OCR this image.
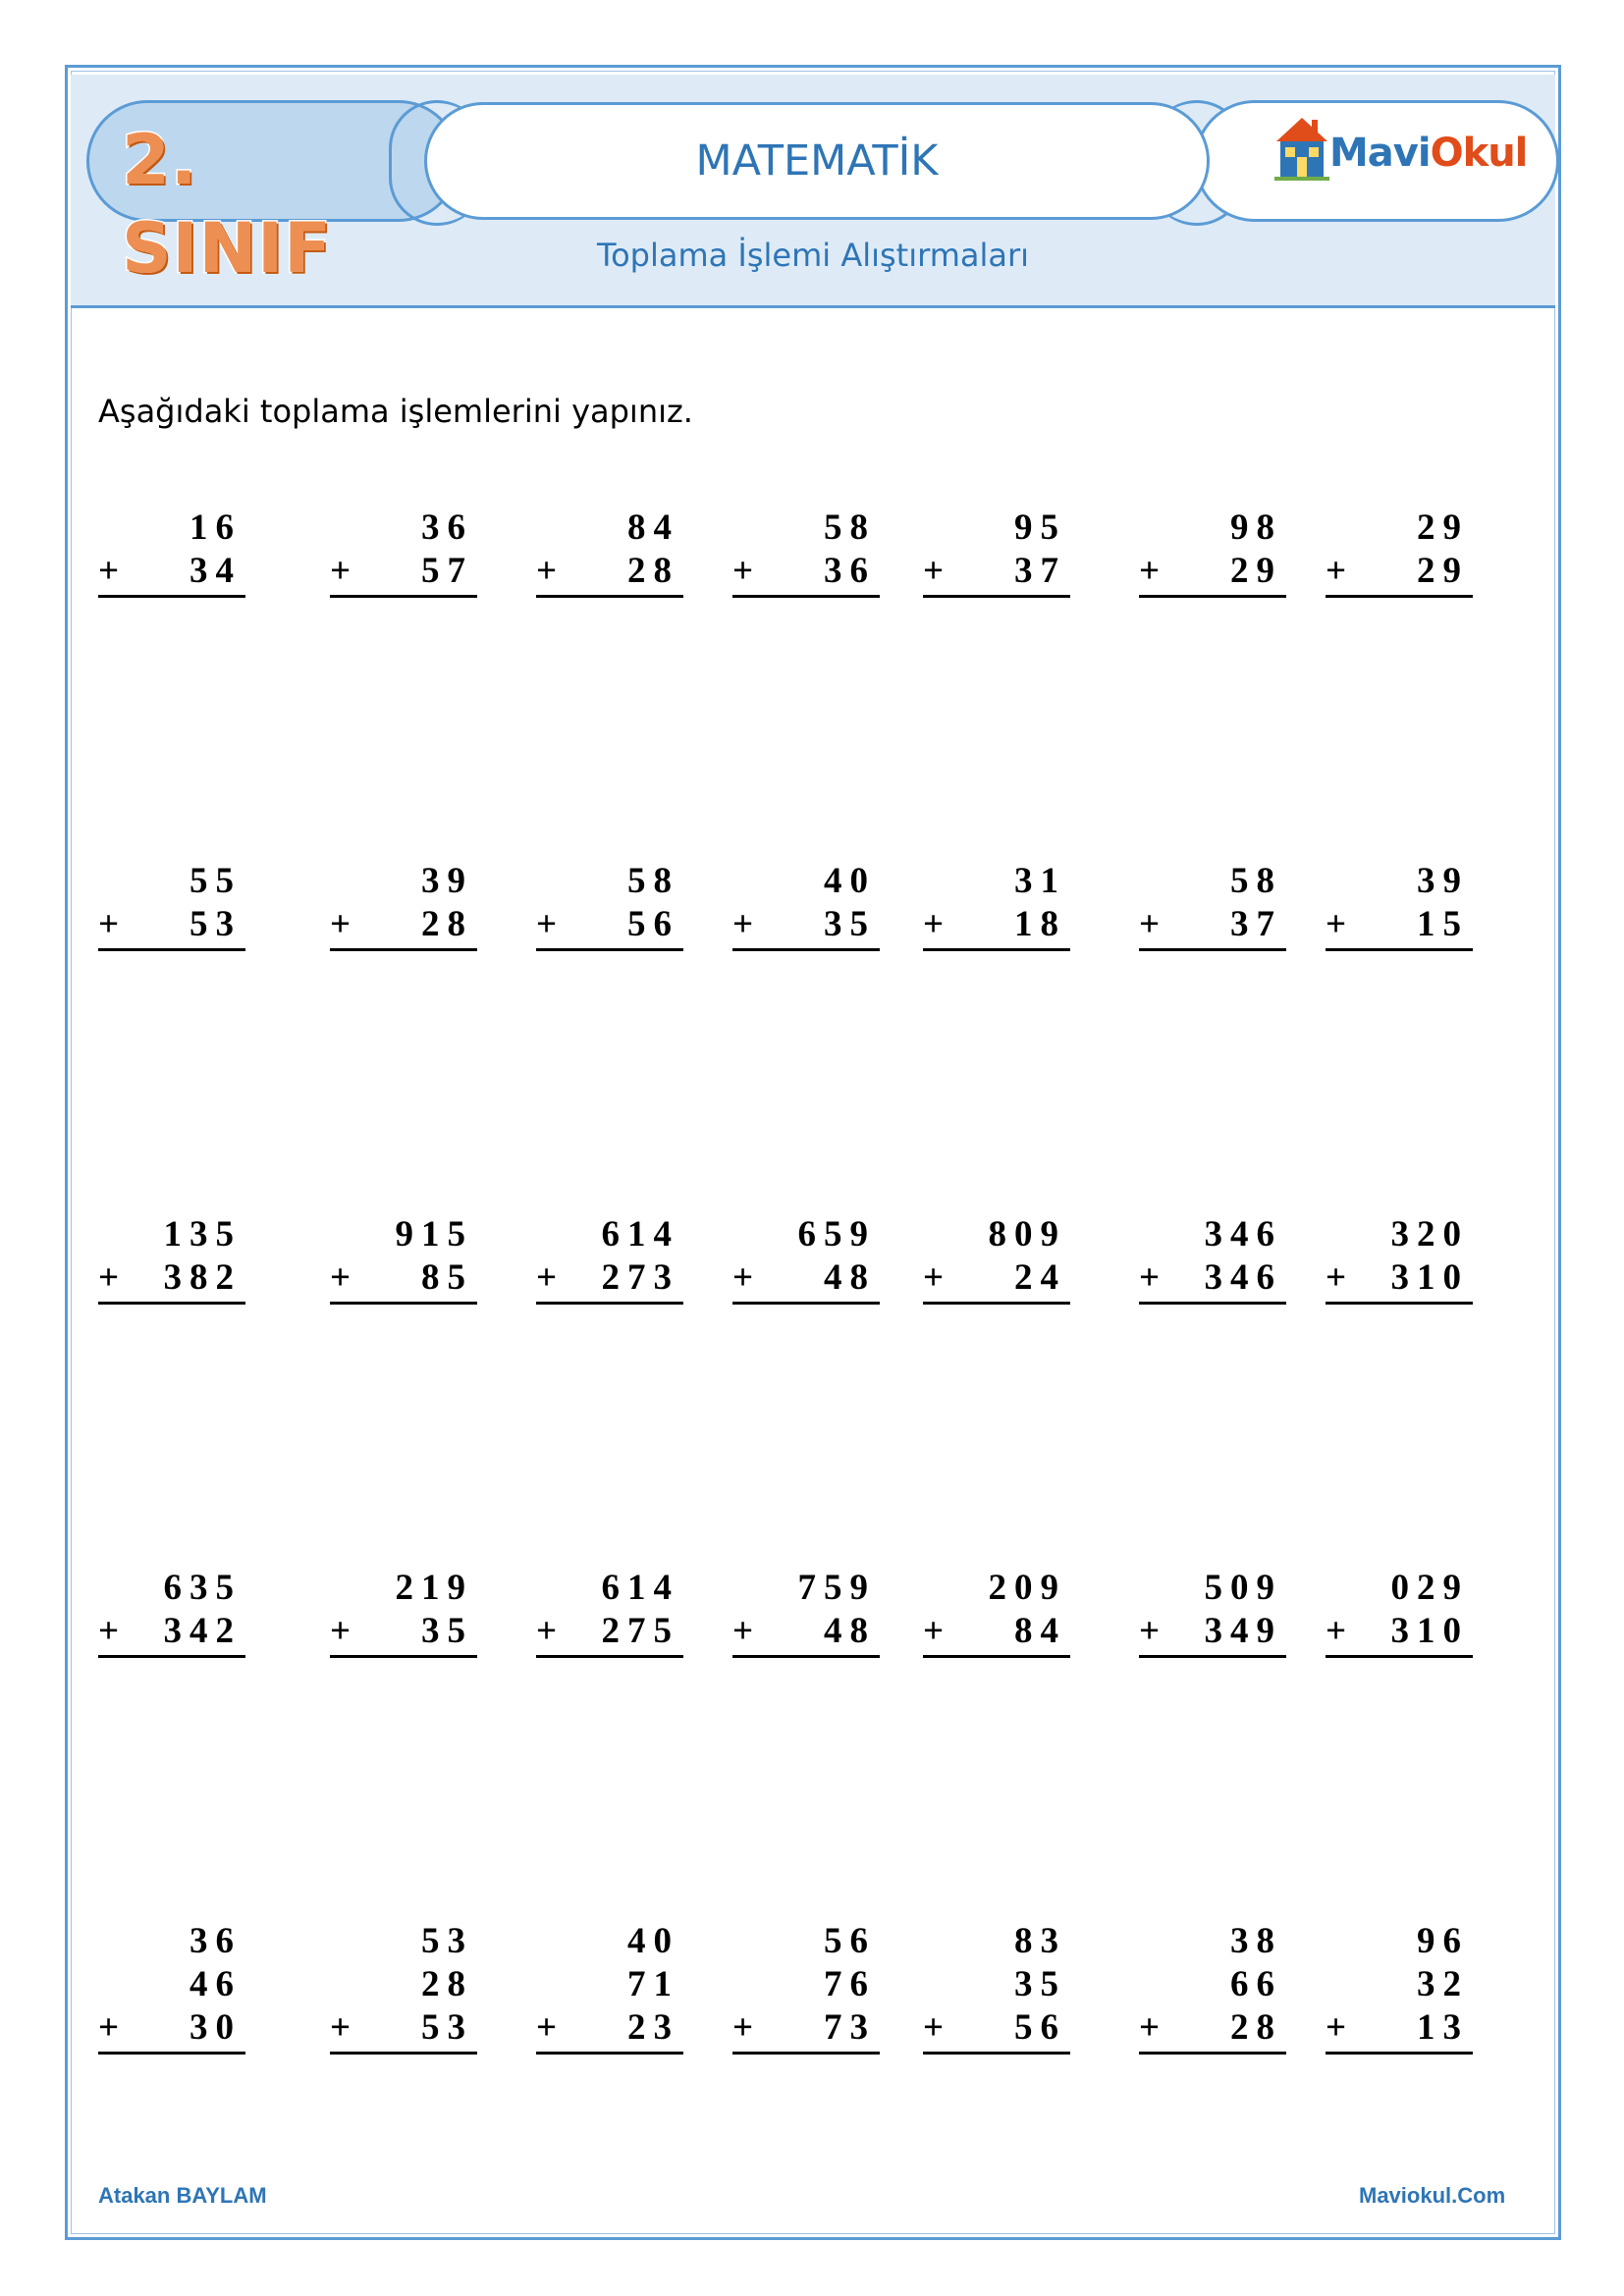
2. SINIF
MATEMATİK	MaviOkul
Toplama İşlemi Alıştırmaları
Aşağıdaki toplama işlemlerini yapınız.
16
34
+
36
57
+
84
28
+
58
36
+
95
37
+
98
29
+
29
29
+
55
53
+
39
28
+
58
56
+
40
35
+
31
18
+
58
37
+
39
15
+
135
382
+
915
85
+
614
273
+
659
48
+
809
24
+
346
346
+
320
310
+
635
342
+
219
35
+
614
275
+
759
48
+
209
84
+
509
349
+
029
310
+
36
46
30
+
53
28
53
+
40
71
23
+
56
76
73
+
83
35
56
+
38
66
28
+
96
32
13
+
Atakan BAYLAM	Maviokul.Com
